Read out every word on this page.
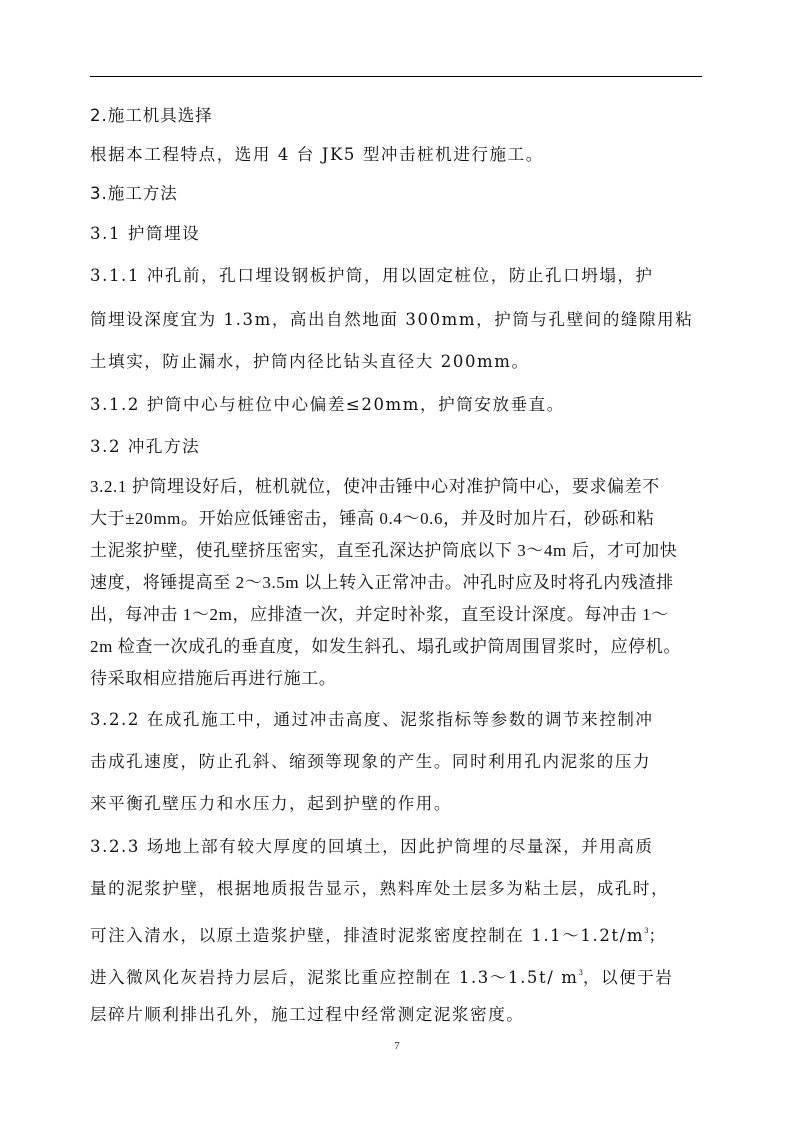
2.施工机具选择
根据本工程特点，选用 4 台 JK5 型冲击桩机进行施工。
3.施工方法
3.1 护筒埋设
3.1.1 冲孔前，孔口埋设钢板护筒，用以固定桩位，防止孔口坍塌，护
筒埋设深度宜为 1.3m，高出自然地面 300mm，护筒与孔壁间的缝隙用粘
土填实，防止漏水，护筒内径比钻头直径大 200mm。
3.1.2 护筒中心与桩位中心偏差≤20mm，护筒安放垂直。
3.2 冲孔方法
3.2.1 护筒埋设好后，桩机就位，使冲击锤中心对准护筒中心，要求偏差不
大于±20mm。开始应低锤密击，锤高 0.4～0.6，并及时加片石，砂砾和粘
土泥浆护壁，使孔壁挤压密实，直至孔深达护筒底以下 3～4m 后，才可加快
速度，将锤提高至 2～3.5m 以上转入正常冲击。冲孔时应及时将孔内残渣排
出，每冲击 1～2m，应排渣一次，并定时补浆，直至设计深度。每冲击 1～
2m 检查一次成孔的垂直度，如发生斜孔、塌孔或护筒周围冒浆时，应停机。
待采取相应措施后再进行施工。
3.2.2 在成孔施工中，通过冲击高度、泥浆指标等参数的调节来控制冲
击成孔速度，防止孔斜、缩颈等现象的产生。同时利用孔内泥浆的压力
来平衡孔壁压力和水压力，起到护壁的作用。
3.2.3 场地上部有较大厚度的回填土，因此护筒埋的尽量深，并用高质
量的泥浆护壁，根据地质报告显示，熟料库处土层多为粘土层，成孔时，
可注入清水，以原土造浆护壁，排渣时泥浆密度控制在 $1.1\sim 1.2t/m^3$；
进入微风化灰岩持力层后，泥浆比重应控制在 1.3～1.5t/ $m^3$，以便于岩
层碎片顺利排出孔外，施工过程中经常测定泥浆密度。
7
